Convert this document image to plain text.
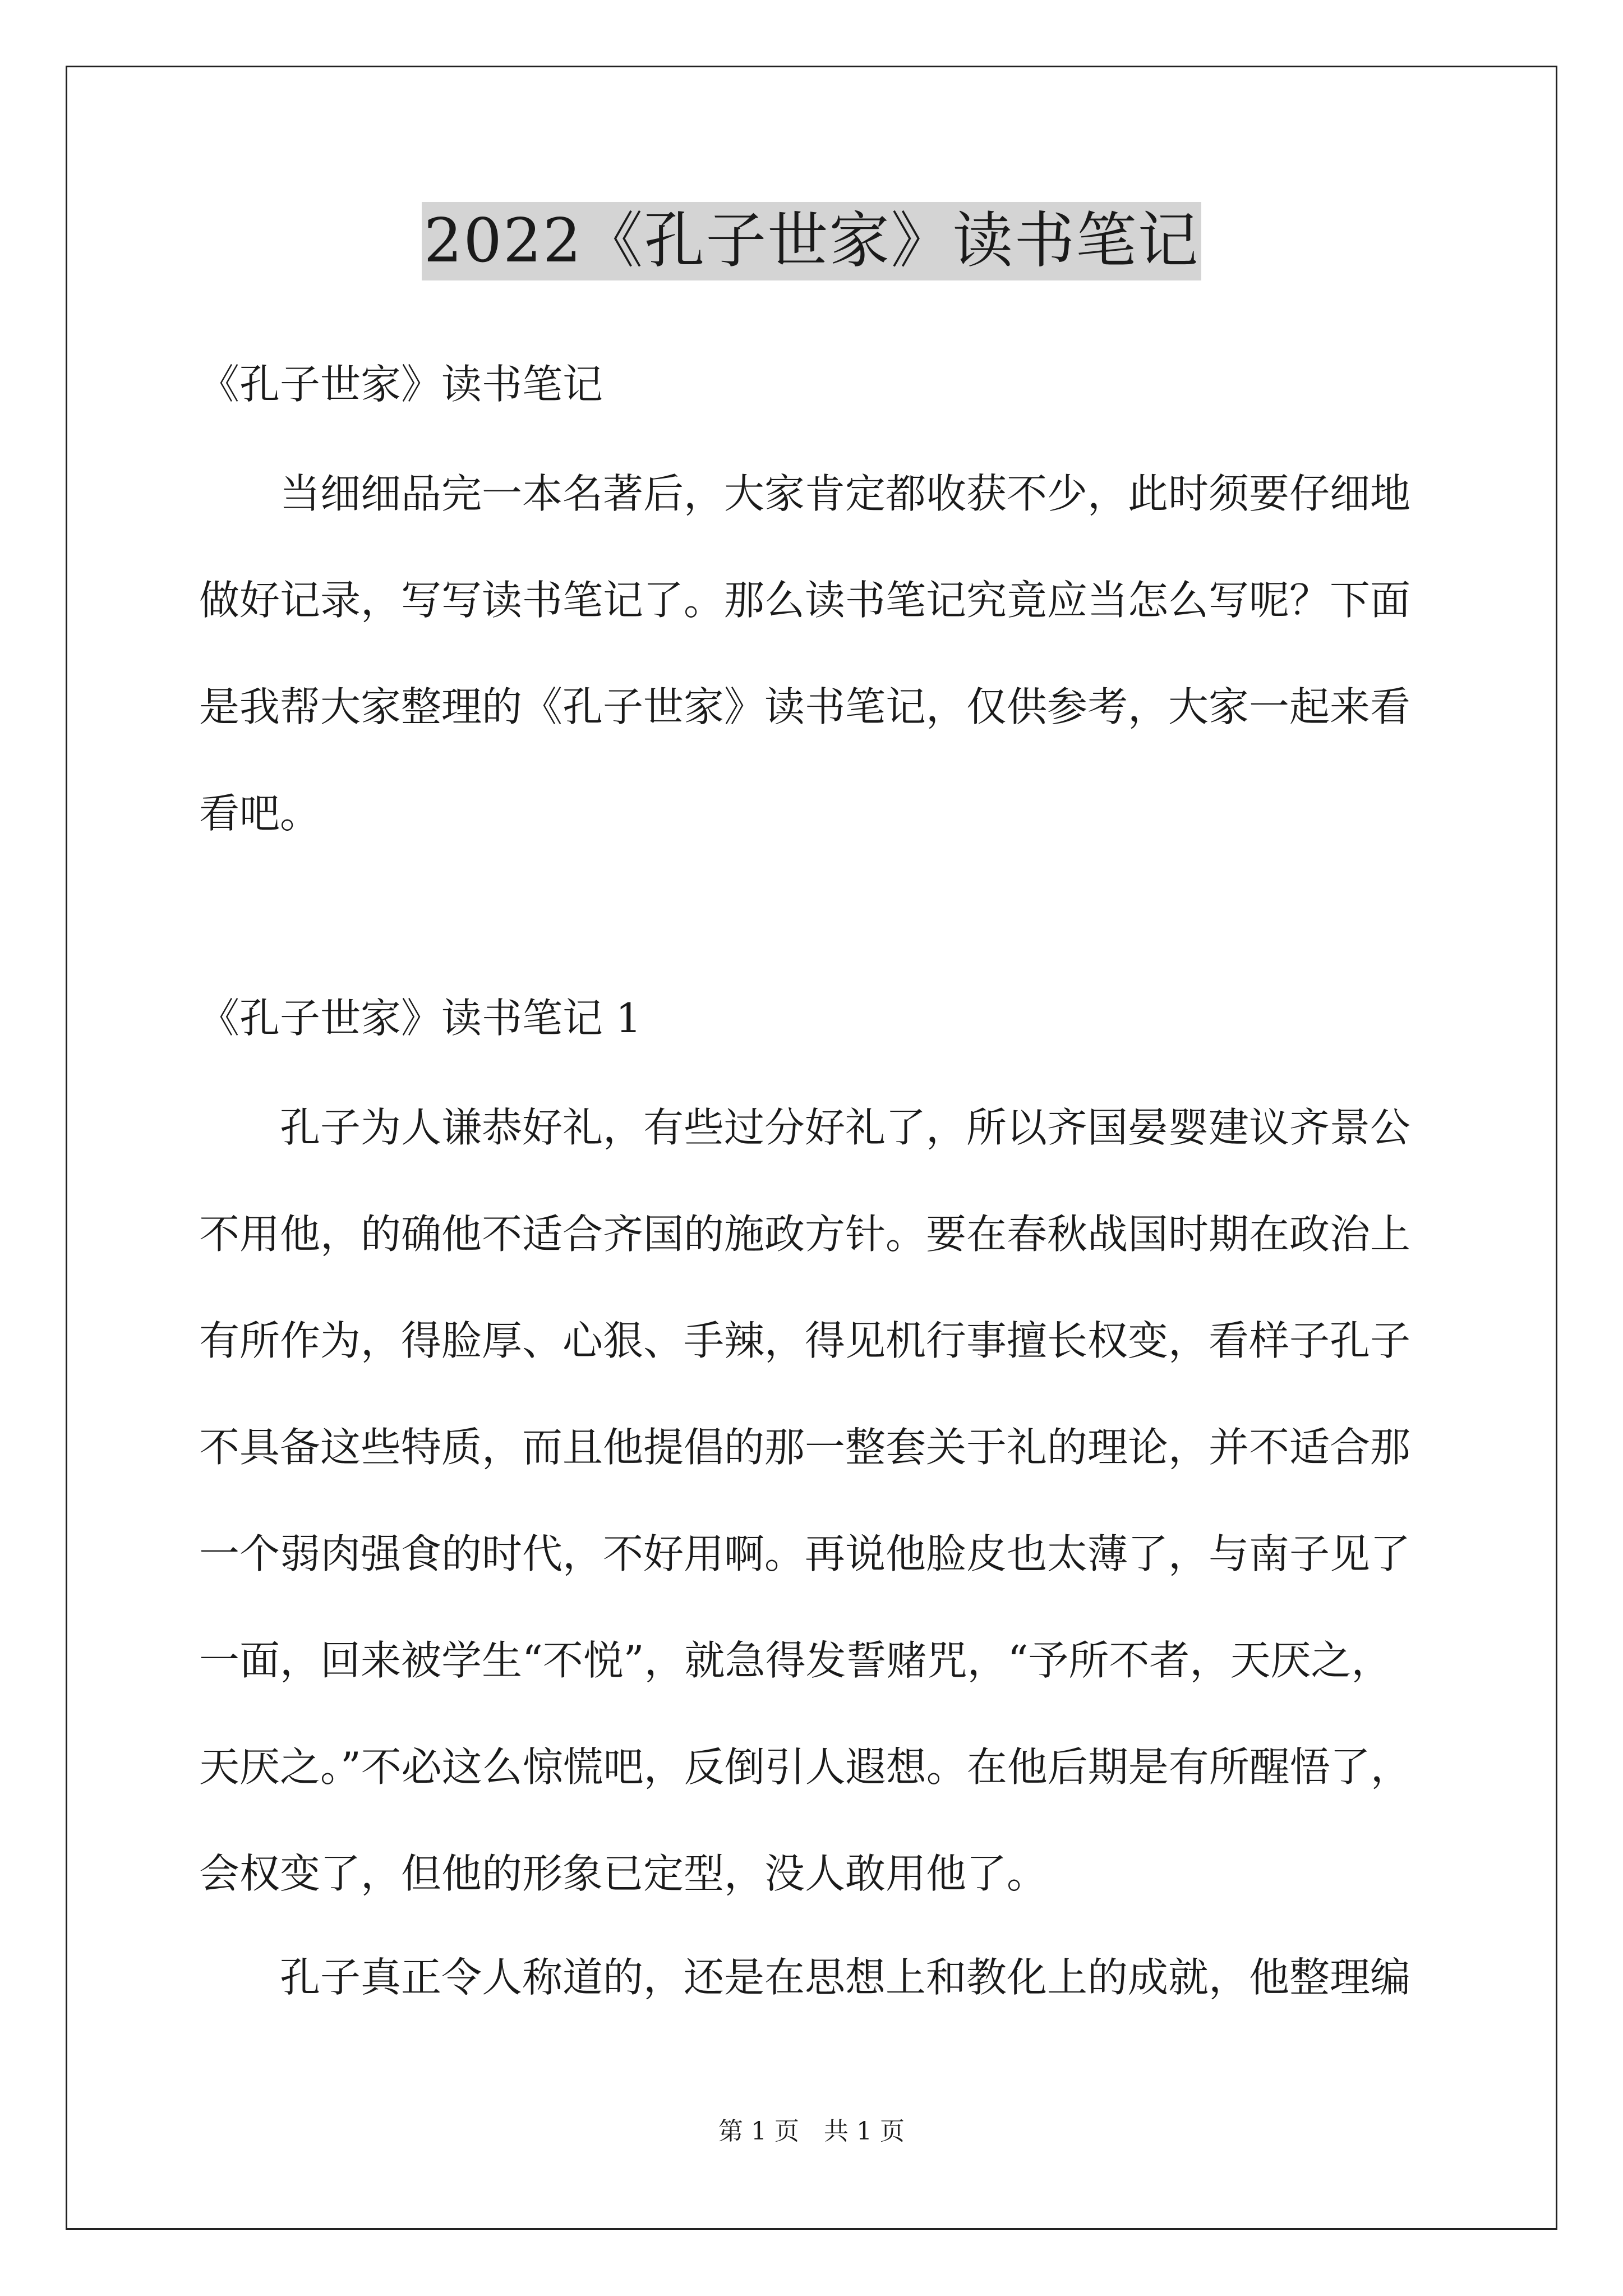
2022《孔子世家》读书笔记
《孔子世家》读书笔记
当细细品完一本名著后，大家肯定都收获不少，此时须要仔细地
做好记录，写写读书笔记了。那么读书笔记究竟应当怎么写呢？下面
是我帮大家整理的《孔子世家》读书笔记，仅供参考，大家一起来看
看吧。
《孔子世家》读书笔记 1
孔子为人谦恭好礼，有些过分好礼了，所以齐国晏婴建议齐景公
不用他，的确他不适合齐国的施政方针。要在春秋战国时期在政治上
有所作为，得脸厚、心狠、手辣，得见机行事擅长权变，看样子孔子
不具备这些特质，而且他提倡的那一整套关于礼的理论，并不适合那
一个弱肉强食的时代，不好用啊。再说他脸皮也太薄了，与南子见了
一面，回来被学生“不悦”，就急得发誓赌咒，“予所不者，天厌之，
天厌之。”不必这么惊慌吧，反倒引人遐想。在他后期是有所醒悟了，
会权变了，但他的形象已定型，没人敢用他了。
孔子真正令人称道的，还是在思想上和教化上的成就，他整理编
第 1 页　共 1 页
